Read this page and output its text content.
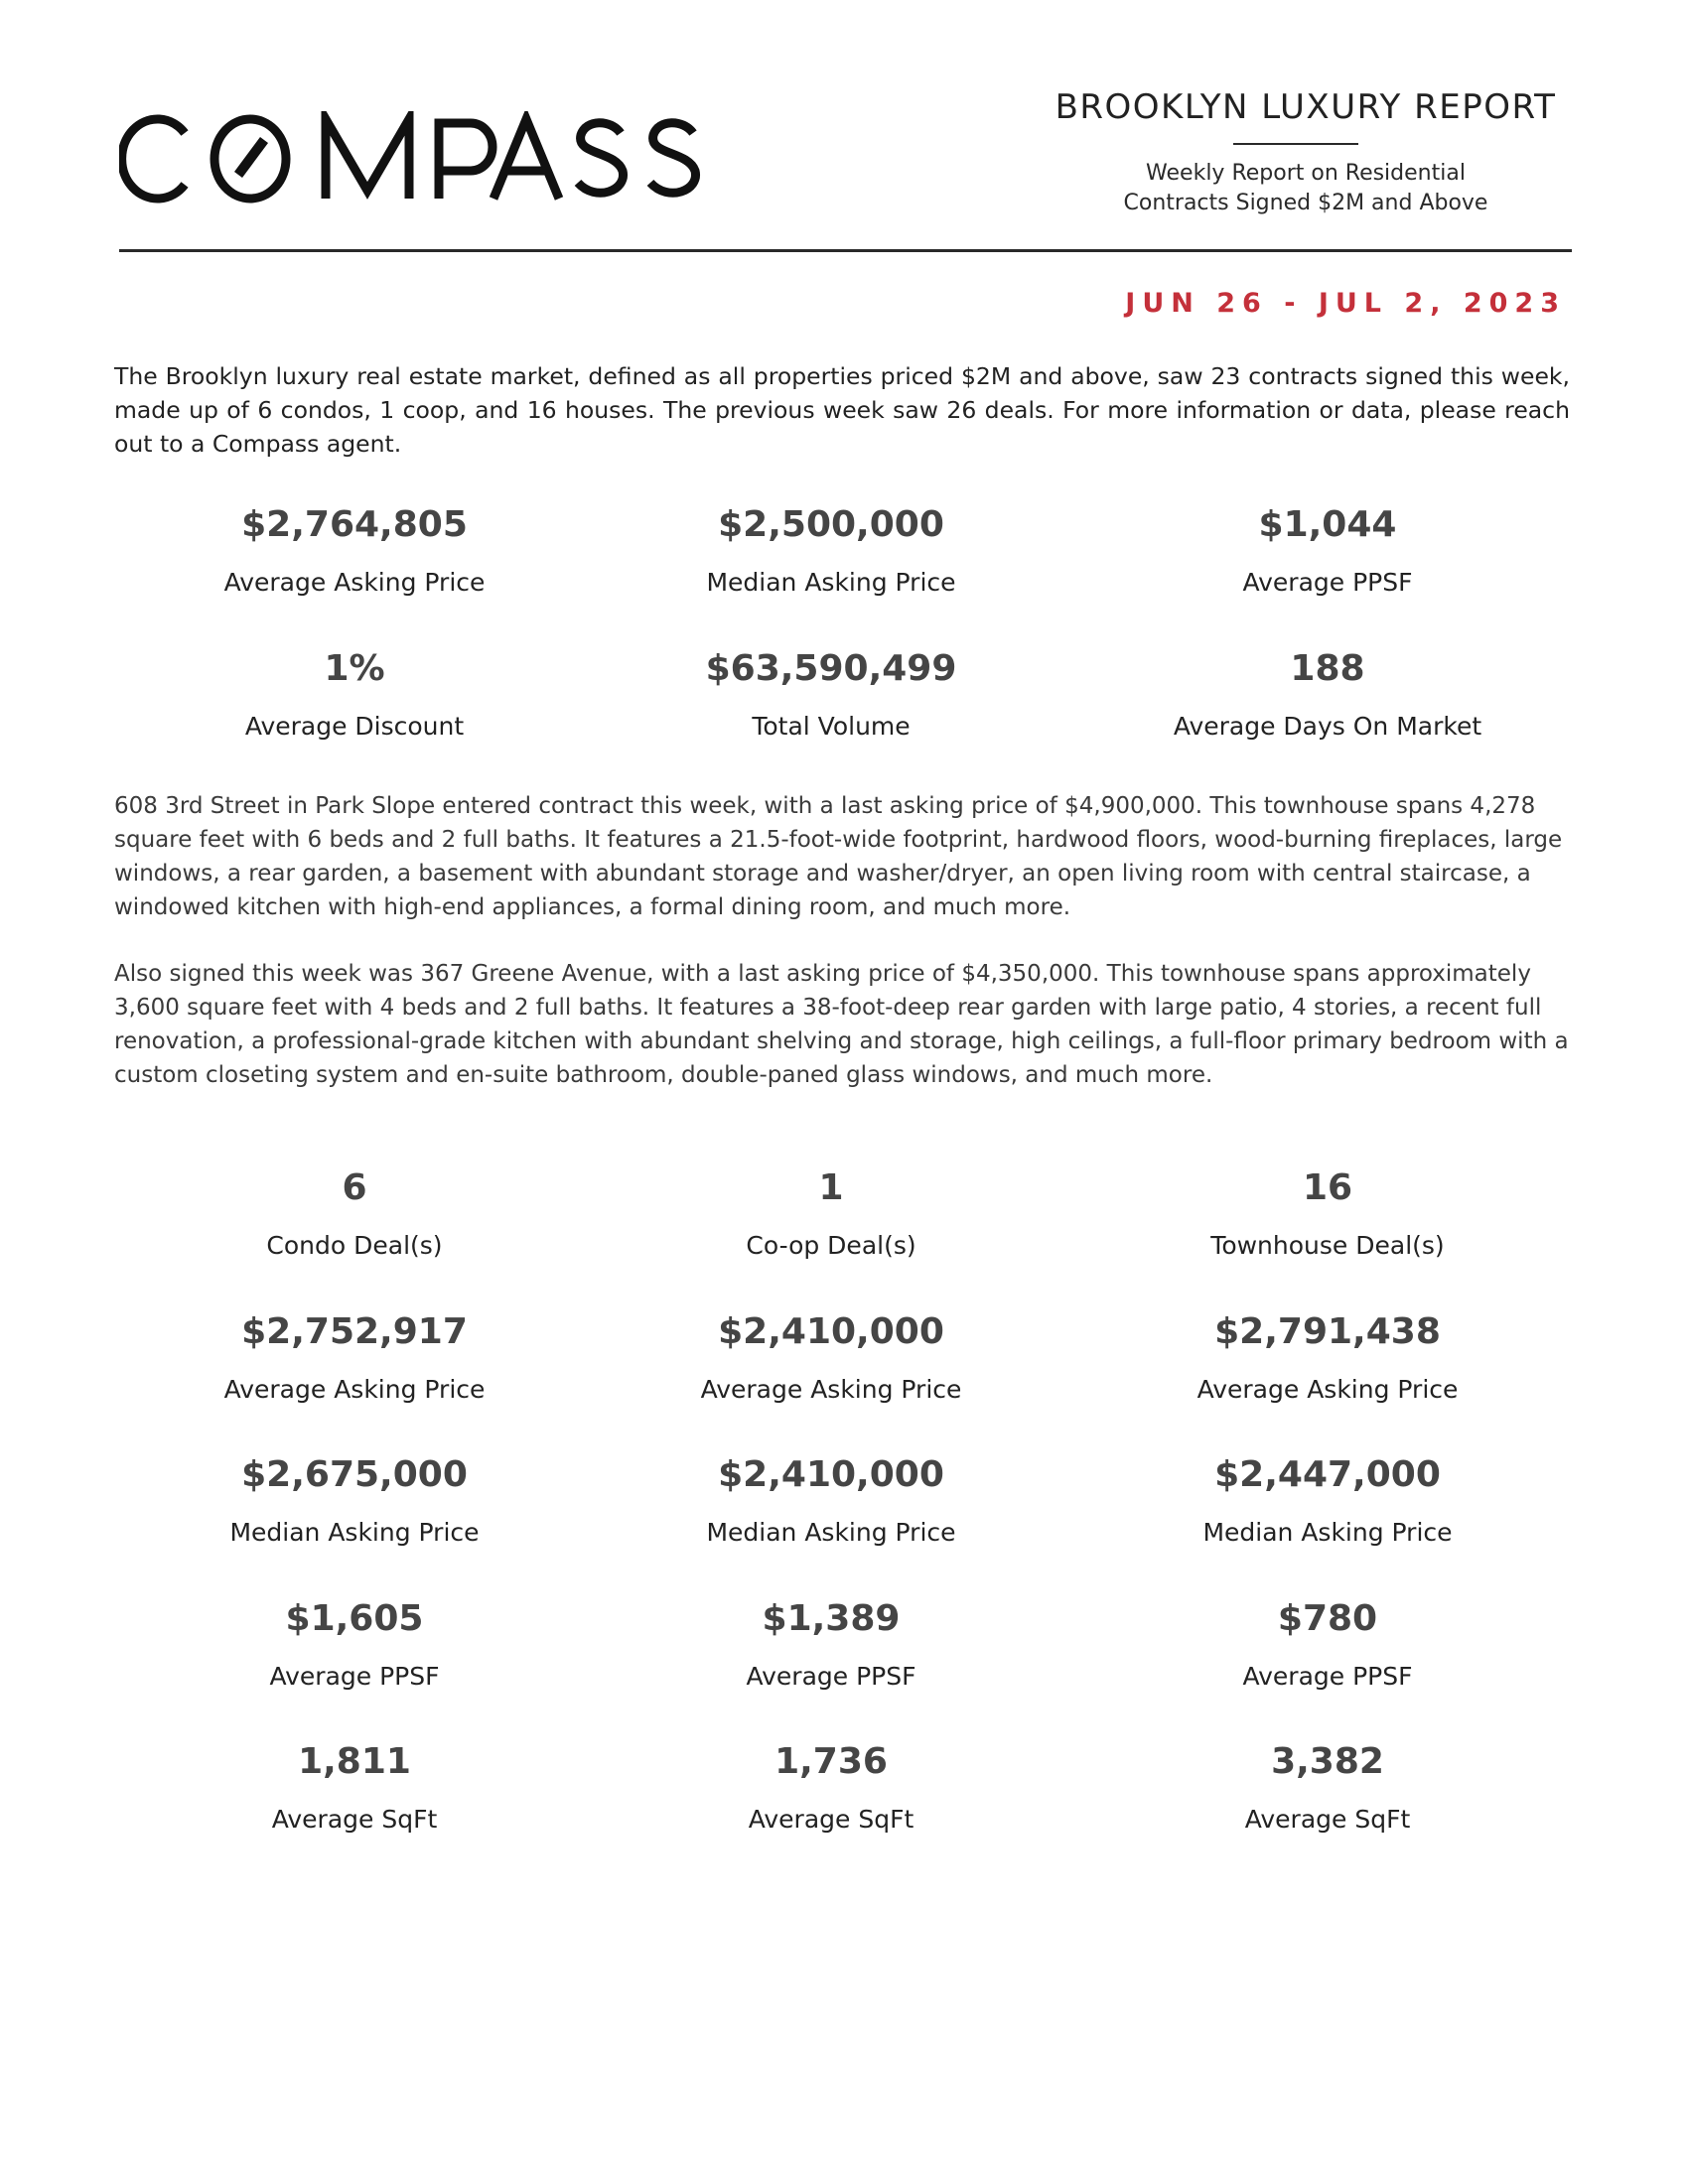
BROOKLYN LUXURY REPORT
Weekly Report on Residential
Contracts Signed $2M and Above
JUN 26 - JUL 2, 2023

The Brooklyn luxury real estate market, defined as all properties priced $2M and above, saw 23 contracts signed this week, made up of 6 condos, 1 coop, and 16 houses. The previous week saw 26 deals. For more information or data, please reach out to a Compass agent.

$2,764,805
Average Asking Price
$2,500,000
Median Asking Price
$1,044
Average PPSF
1%
Average Discount
$63,590,499
Total Volume
188
Average Days On Market

608 3rd Street in Park Slope entered contract this week, with a last asking price of $4,900,000. This townhouse spans 4,278 square feet with 6 beds and 2 full baths. It features a 21.5-foot-wide footprint, hardwood floors, wood-burning fireplaces, large windows, a rear garden, a basement with abundant storage and washer/dryer, an open living room with central staircase, a windowed kitchen with high-end appliances, a formal dining room, and much more.

Also signed this week was 367 Greene Avenue, with a last asking price of $4,350,000. This townhouse spans approximately 3,600 square feet with 4 beds and 2 full baths. It features a 38-foot-deep rear garden with large patio, 4 stories, a recent full renovation, a professional-grade kitchen with abundant shelving and storage, high ceilings, a full-floor primary bedroom with a custom closeting system and en-suite bathroom, double-paned glass windows, and much more.

6
Condo Deal(s)
$2,752,917
Average Asking Price
$2,675,000
Median Asking Price
$1,605
Average PPSF
1,811
Average SqFt
1
Co-op Deal(s)
$2,410,000
Average Asking Price
$2,410,000
Median Asking Price
$1,389
Average PPSF
1,736
Average SqFt
16
Townhouse Deal(s)
$2,791,438
Average Asking Price
$2,447,000
Median Asking Price
$780
Average PPSF
3,382
Average SqFt
